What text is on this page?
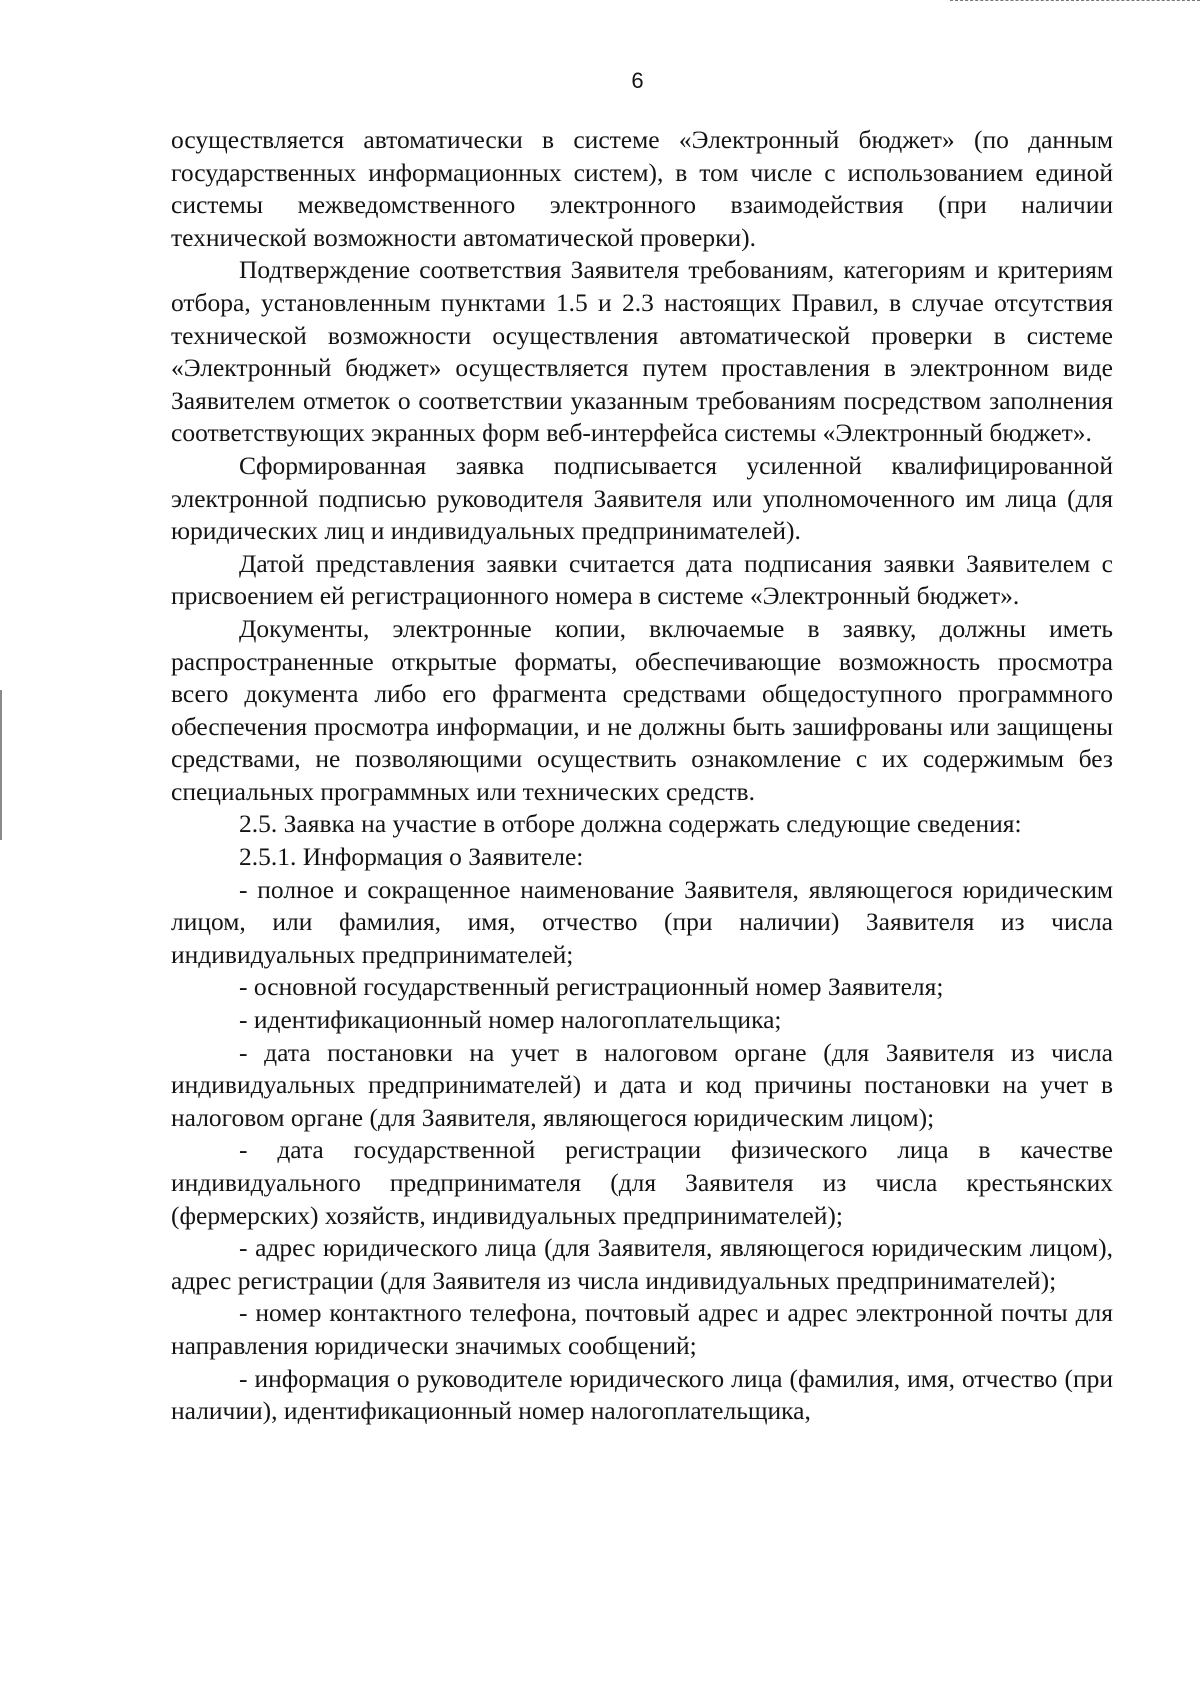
6

осуществляется автоматически в системе «Электронный бюджет» (по данным государственных информационных систем), в том числе с использованием единой системы межведомственного электронного взаимодействия (при наличии технической возможности автоматической проверки).

Подтверждение соответствия Заявителя требованиям, категориям и критериям отбора, установленным пунктами 1.5 и 2.3 настоящих Правил, в случае отсутствия технической возможности осуществления автоматической проверки в системе «Электронный бюджет» осуществляется путем проставления в электронном виде Заявителем отметок о соответствии указанным требованиям посредством заполнения соответствующих экранных форм веб-интерфейса системы «Электронный бюджет».

Сформированная заявка подписывается усиленной квалифицированной электронной подписью руководителя Заявителя или уполномоченного им лица (для юридических лиц и индивидуальных предпринимателей).

Датой представления заявки считается дата подписания заявки Заявителем с присвоением ей регистрационного номера в системе «Электронный бюджет».

Документы, электронные копии, включаемые в заявку, должны иметь распространенные открытые форматы, обеспечивающие возможность просмотра всего документа либо его фрагмента средствами общедоступного программного обеспечения просмотра информации, и не должны быть зашифрованы или защищены средствами, не позволяющими осуществить ознакомление с их содержимым без специальных программных или технических средств.

2.5. Заявка на участие в отборе должна содержать следующие сведения:

2.5.1. Информация о Заявителе:

- полное и сокращенное наименование Заявителя, являющегося юридическим лицом, или фамилия, имя, отчество (при наличии) Заявителя из числа индивидуальных предпринимателей;

- основной государственный регистрационный номер Заявителя;

- идентификационный номер налогоплательщика;

- дата постановки на учет в налоговом органе (для Заявителя из числа индивидуальных предпринимателей) и дата и код причины постановки на учет в налоговом органе (для Заявителя, являющегося юридическим лицом);

- дата государственной регистрации физического лица в качестве индивидуального предпринимателя (для Заявителя из числа крестьянских (фермерских) хозяйств, индивидуальных предпринимателей);

- адрес юридического лица (для Заявителя, являющегося юридическим лицом), адрес регистрации (для Заявителя из числа индивидуальных предпринимателей);

- номер контактного телефона, почтовый адрес и адрес электронной почты для направления юридически значимых сообщений;

- информация о руководителе юридического лица (фамилия, имя, отчество (при наличии), идентификационный номер налогоплательщика,
